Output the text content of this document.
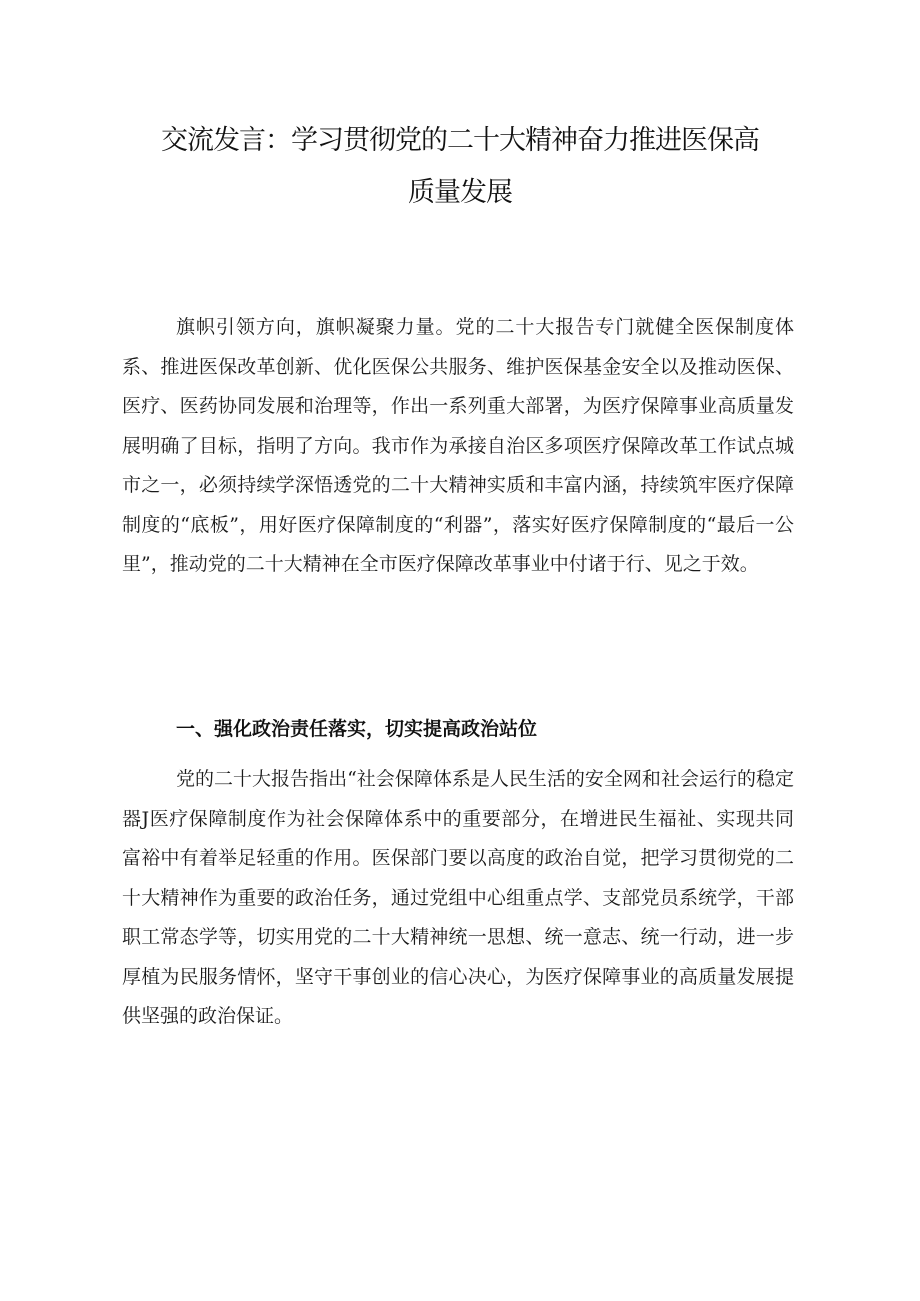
交流发言：学习贯彻党的二十大精神奋力推进医保高
质量发展

旗帜引领方向，旗帜凝聚力量。党的二十大报告专门就健全医保制度体系、推进医保改革创新、优化医保公共服务、维护医保基金安全以及推动医保、医疗、医药协同发展和治理等，作出一系列重大部署，为医疗保障事业高质量发展明确了目标，指明了方向。我市作为承接自治区多项医疗保障改革工作试点城市之一，必须持续学深悟透党的二十大精神实质和丰富内涵，持续筑牢医疗保障制度的“底板”，用好医疗保障制度的“利器”，落实好医疗保障制度的“最后一公里”，推动党的二十大精神在全市医疗保障改革事业中付诸于行、见之于效。

一、强化政治责任落实，切实提高政治站位

党的二十大报告指出“社会保障体系是人民生活的安全网和社会运行的稳定器J医疗保障制度作为社会保障体系中的重要部分，在增进民生福祉、实现共同富裕中有着举足轻重的作用。医保部门要以高度的政治自觉，把学习贯彻党的二十大精神作为重要的政治任务，通过党组中心组重点学、支部党员系统学，干部职工常态学等，切实用党的二十大精神统一思想、统一意志、统一行动，进一步厚植为民服务情怀，坚守干事创业的信心决心，为医疗保障事业的高质量发展提供坚强的政治保证。
